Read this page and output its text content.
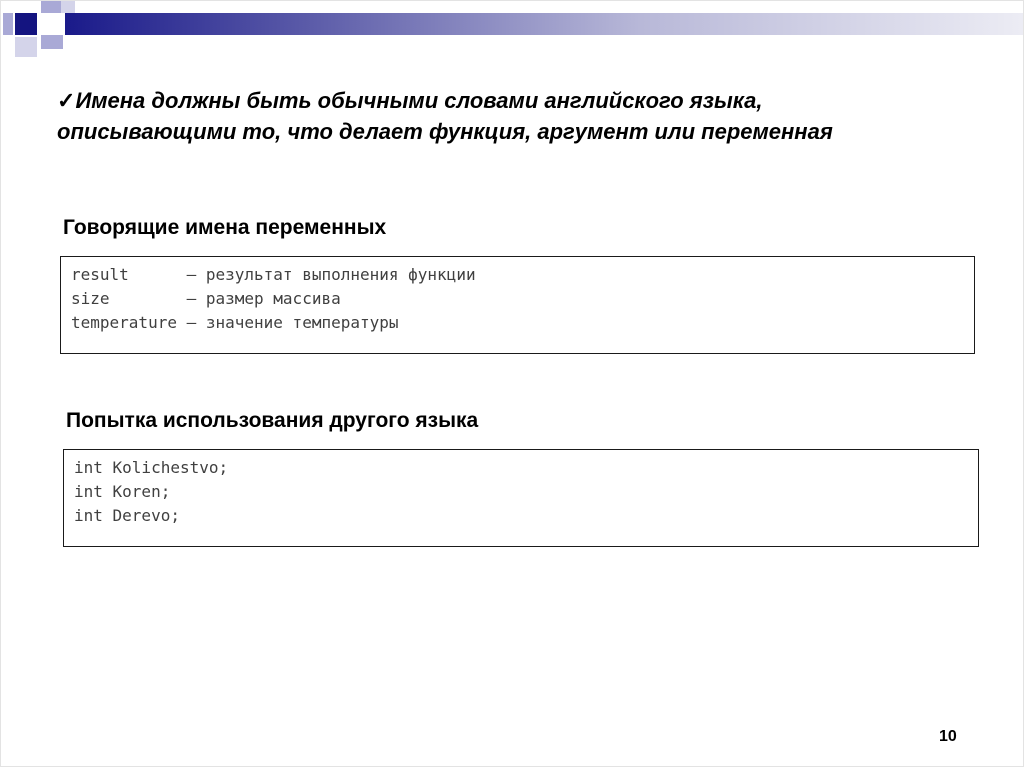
✓Имена должны быть обычными словами английского языка,
описывающими то, что делает функция, аргумент или переменная
Говорящие имена переменных
result      – результат выполнения функции
size        – размер массива
temperature – значение температуры
Попытка использования другого языка
int Kolichestvo;
int Koren;
int Derevo;
10
